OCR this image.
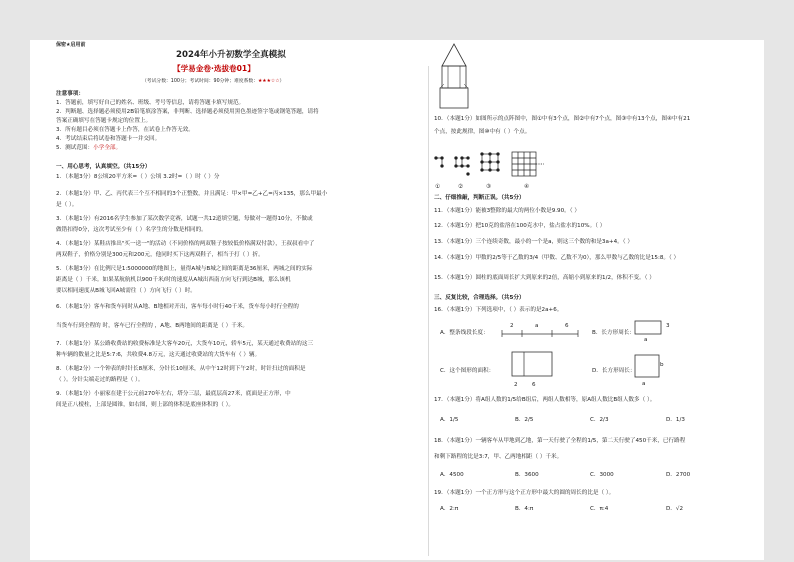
保密★启用前
2024年小升初数学全真模拟
【学易金卷·选拔卷01】
（考试分数：100分；考试时间：90分钟；难度系数：★★★☆☆）
注意事项：
1．答题前，填写好自己的姓名、班级、考号等信息，请将答题卡填写规范。
2．判断题、选择题必须使用2B铅笔填涂答案，非判断、选择题必须使用黑色墨迹签字笔或钢笔答题，请将
答案正确填写在答题卡规定的位置上。
3．所有题目必须在答题卡上作答，在试卷上作答无效。
4．考试结束后将试卷和答题卡一并交回。
5．测试范围：小学全部。
一、用心思考，认真填空。（共15分）
1．（本题3分）8公顷20平方米=（ ）公顷 3.2时=（ ）时（ ）分
2．（本题1分）甲、乙、丙代表三个互不相同的3个正整数，并且满足：甲×甲=乙+乙=丙×135，那么甲最小
是（ ）。
3．（本题1分）有2016名学生参加了某次数学竞赛，试题一共12道填空题，每做对一题得10分，不做或
做错扣得0分，这次考试至少有（ ）名学生的分数是相同的。
4．（本题1分）某鞋店推出"买一送一"的活动（不同价格的两双鞋子按较低价格满双付款），王叔叔看中了
两双鞋子，价格分别是300元和200元，他同时买下这两双鞋子，相当于打（ ）折。
5．（本题3分）在比例尺是1:5000000的地图上，量得A城与B城之间的距离是36厘米，两城之间的实际
距离是（ ）千米。如果某航航机以900千米/时的速度从A城出西南方向飞行到达B城，那么该机
要以相同速度从B城飞回A城需往（ ）方向飞行（ ）时。
6．（本题1分）客车和货车同时从A地、B地相对开出，客车每小时行40千米，货车每小时行全程的
当货车行到全程的 时，客车已行全程的 ，A地、B两地间的距离是（ ）千米。
7．（本题1分）某公路收费站的收费标准是大客车20元，大货车10元，轿车5元，某天通过收费站的这三
种车辆的数量之比是5:7:6，共收费4.8万元，这天通过收费站的大货车有（ ）辆。
8．（本题2分）一个钟表的时针长8厘米，分针长10厘米，从中午12时到下午2时，时针扫过的面积是
（ ）。分针尖端走过的路程是（ ）。
9．（本题1分）小丽家在建于公元前270年左右，塔分三层，最底层高27米，底面是正方形，中
间是正八棱柱，上部是圆锥，如右图，则上部的体积是底座体积的（ ）。
10．（本题1分）如图所示的点阵图中，图①中有3个点，图②中有7个点，图③中有13个点，图④中有21
个点，按此规律，图⑩中有（ ）个点。
①	②	③	④
二、仔细推敲，判断正误。（共5分）
11．（本题1分）能被3整除的最大的两位小数是9.90。（ ）
12．（本题1分）把10克的盐溶在100克水中，盐占盐水的10%。（ ）
13．（本题1分）三个连续奇数，最小的一个是a，则这三个数的和是3a+4。（ ）
14．（本题1分）甲数的2/5等于乙数的3/4（甲数、乙数不为0），那么甲数与乙数的比是15:8。（ ）
15．（本题1分）圆柱的底面周长扩大到原来的2倍，高缩小到原来的1/2，体积不变。（ ）
三、反复比较，合理选择。（共5分）
16．（本题1分）下列选项中，（ ）表示的是2a+6。
A．整条线段长度：
2	a	6
B．长方形周长：
3
a
C．这个图形的面积：
2	6
D．长方形周长：
b
a
17．（本题1分）将A组人数的1/5给B组后，两组人数相等，原A组人数比B组人数多（ ）。
A．1/5	B．2/5	C．2/3	D．1/3
18．（本题1分）一辆客车从甲地到乙地，第一天行驶了全程的1/5，第二天行驶了450千米，已行路程
和剩下路程的比是3:7，甲、乙两地相距（ ）千米。
A．4500	B．3600	C．3000	D．2700
19．（本题1分）一个正方形与这个正方形中最大的圆的周长的比是（ ）。
A．2:π	B．4:π	C．π:4	D．√2
